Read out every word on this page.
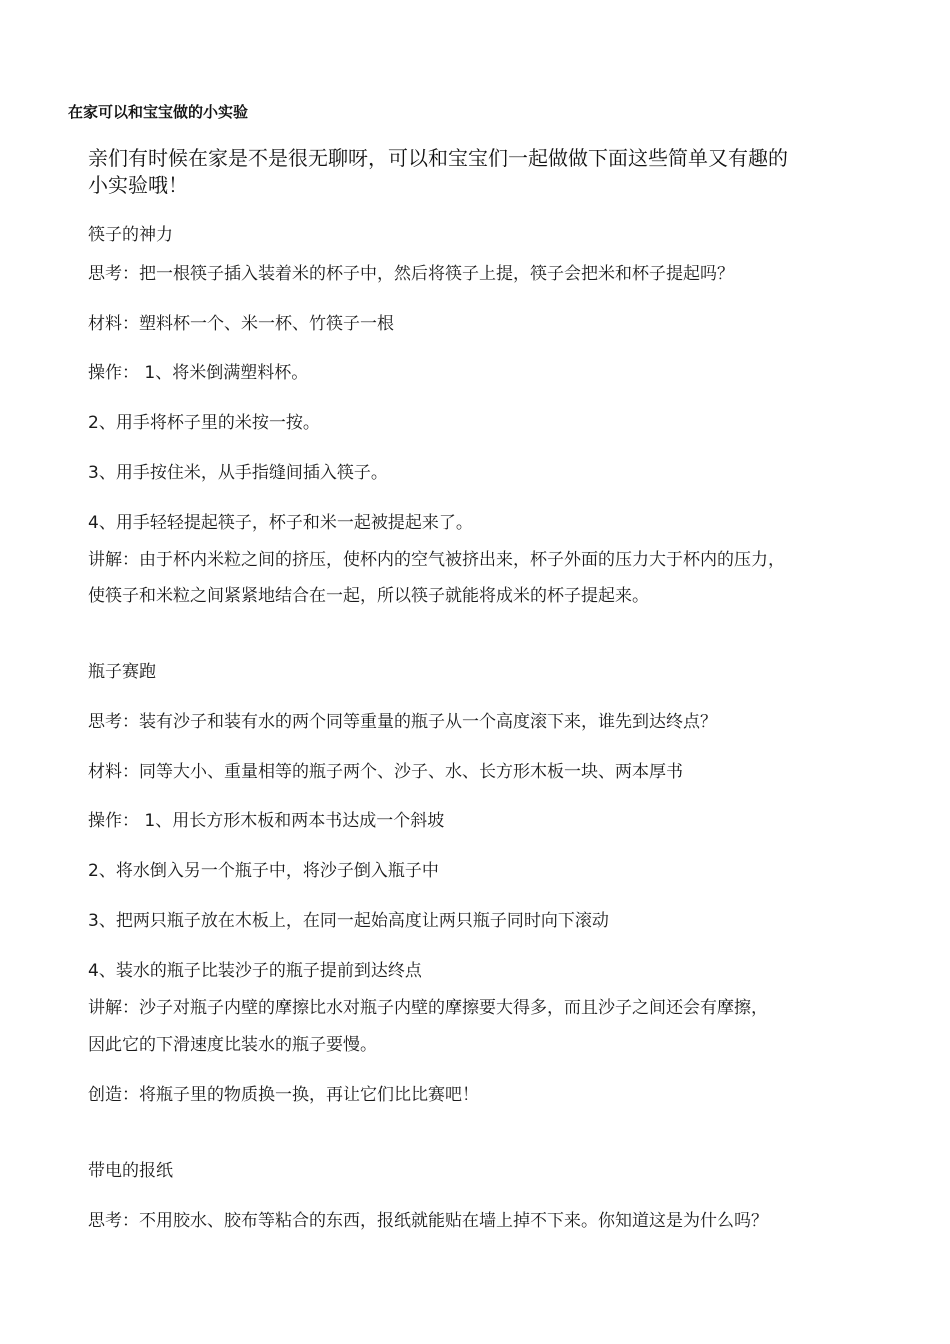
在家可以和宝宝做的小实验
亲们有时候在家是不是很无聊呀，可以和宝宝们一起做做下面这些简单又有趣的
小实验哦！
筷子的神力
思考：把一根筷子插入装着米的杯子中，然后将筷子上提，筷子会把米和杯子提起吗？
材料：塑料杯一个、米一杯、竹筷子一根
操作： 1、将米倒满塑料杯。
2、用手将杯子里的米按一按。
3、用手按住米，从手指缝间插入筷子。
4、用手轻轻提起筷子，杯子和米一起被提起来了。
讲解：由于杯内米粒之间的挤压，使杯内的空气被挤出来，杯子外面的压力大于杯内的压力，
使筷子和米粒之间紧紧地结合在一起，所以筷子就能将成米的杯子提起来。
瓶子赛跑
思考：装有沙子和装有水的两个同等重量的瓶子从一个高度滚下来，谁先到达终点？
材料：同等大小、重量相等的瓶子两个、沙子、水、长方形木板一块、两本厚书
操作： 1、用长方形木板和两本书达成一个斜坡
2、将水倒入另一个瓶子中，将沙子倒入瓶子中
3、把两只瓶子放在木板上，在同一起始高度让两只瓶子同时向下滚动
4、装水的瓶子比装沙子的瓶子提前到达终点
讲解：沙子对瓶子内壁的摩擦比水对瓶子内壁的摩擦要大得多，而且沙子之间还会有摩擦，
因此它的下滑速度比装水的瓶子要慢。
创造：将瓶子里的物质换一换，再让它们比比赛吧！
带电的报纸
思考：不用胶水、胶布等粘合的东西，报纸就能贴在墙上掉不下来。你知道这是为什么吗？
